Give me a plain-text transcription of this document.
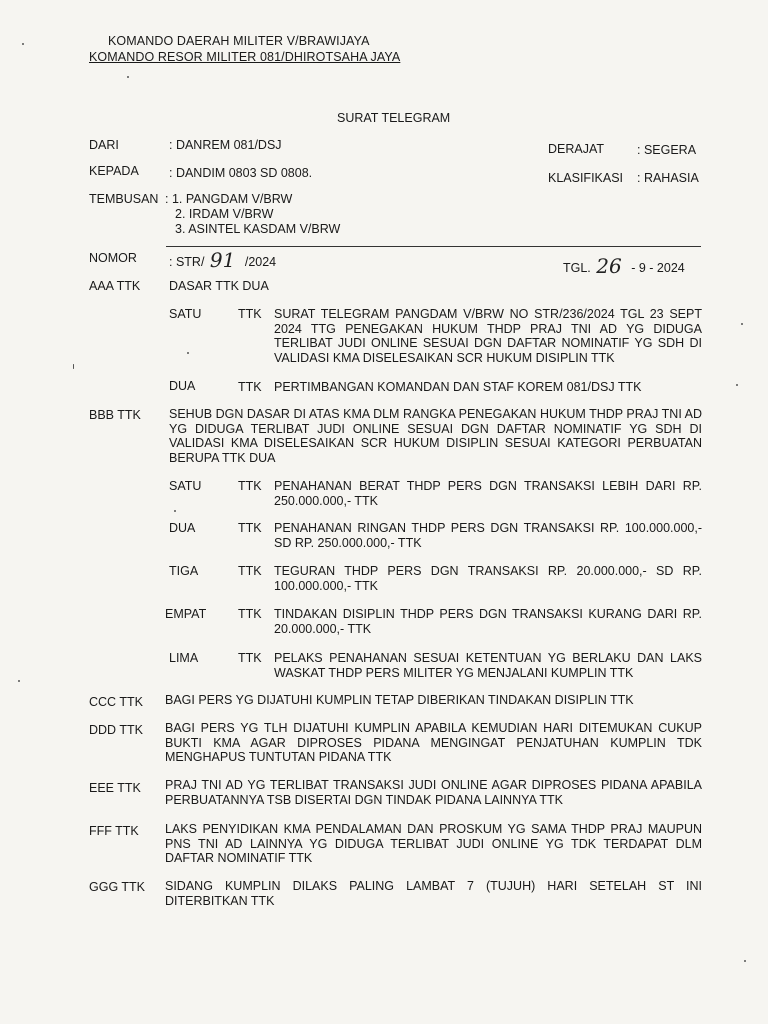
KOMANDO DAERAH MILITER V/BRAWIJAYA
KOMANDO RESOR MILITER 081/DHIROTSAHA JAYA
SURAT TELEGRAM
DARI	: DANREM 081/DSJ	DERAJAT	: SEGERA
KEPADA : DANDIM 0803 SD 0808.	KLASIFIKASI : RAHASIA
TEMBUSAN : 1. PANGDAM V/BRW
2. IRDAM V/BRW
3. ASINTEL KASDAM V/BRW
NOMOR	: STR/ 91 /2024	TGL. 26 - 9 - 2024
AAA TTK DASAR TTK DUA
SATU	TTK SURAT TELEGRAM PANGDAM V/BRW NO STR/236/2024 TGL 23 SEPT 2024 TTG PENEGAKAN HUKUM THDP PRAJ TNI AD YG DIDUGA TERLIBAT JUDI ONLINE SESUAI DGN DAFTAR NOMINATIF YG SDH DI VALIDASI KMA DISELESAIKAN SCR HUKUM DISIPLIN TTK
DUA	TTK PERTIMBANGAN KOMANDAN DAN STAF KOREM 081/DSJ TTK
BBB TTK SEHUB DGN DASAR DI ATAS KMA DLM RANGKA PENEGAKAN HUKUM THDP PRAJ TNI AD YG DIDUGA TERLIBAT JUDI ONLINE SESUAI DGN DAFTAR NOMINATIF YG SDH DI VALIDASI KMA DISELESAIKAN SCR HUKUM DISIPLIN SESUAI KATEGORI PERBUATAN BERUPA TTK DUA
SATU	TTK PENAHANAN BERAT THDP PERS DGN TRANSAKSI LEBIH DARI RP. 250.000.000,- TTK
DUA	TTK PENAHANAN RINGAN THDP PERS DGN TRANSAKSI RP. 100.000.000,- SD RP. 250.000.000,- TTK
TIGA	TTK TEGURAN THDP PERS DGN TRANSAKSI RP. 20.000.000,- SD RP. 100.000.000,- TTK
EMPAT	TTK TINDAKAN DISIPLIN THDP PERS DGN TRANSAKSI KURANG DARI RP. 20.000.000,- TTK
LIMA	TTK PELAKS PENAHANAN SESUAI KETENTUAN YG BERLAKU DAN LAKS WASKAT THDP PERS MILITER YG MENJALANI KUMPLIN TTK
CCC TTK BAGI PERS YG DIJATUHI KUMPLIN TETAP DIBERIKAN TINDAKAN DISIPLIN TTK
DDD TTK BAGI PERS YG TLH DIJATUHI KUMPLIN APABILA KEMUDIAN HARI DITEMUKAN CUKUP BUKTI KMA AGAR DIPROSES PIDANA MENGINGAT PENJATUHAN KUMPLIN TDK MENGHAPUS TUNTUTAN PIDANA TTK
EEE TTK PRAJ TNI AD YG TERLIBAT TRANSAKSI JUDI ONLINE AGAR DIPROSES PIDANA APABILA PERBUATANNYA TSB DISERTAI DGN TINDAK PIDANA LAINNYA TTK
FFF TTK LAKS PENYIDIKAN KMA PENDALAMAN DAN PROSKUM YG SAMA THDP PRAJ MAUPUN PNS TNI AD LAINNYA YG DIDUGA TERLIBAT JUDI ONLINE YG TDK TERDAPAT DLM DAFTAR NOMINATIF TTK
GGG TTK SIDANG KUMPLIN DILAKS PALING LAMBAT 7 (TUJUH) HARI SETELAH ST INI DITERBITKAN TTK
